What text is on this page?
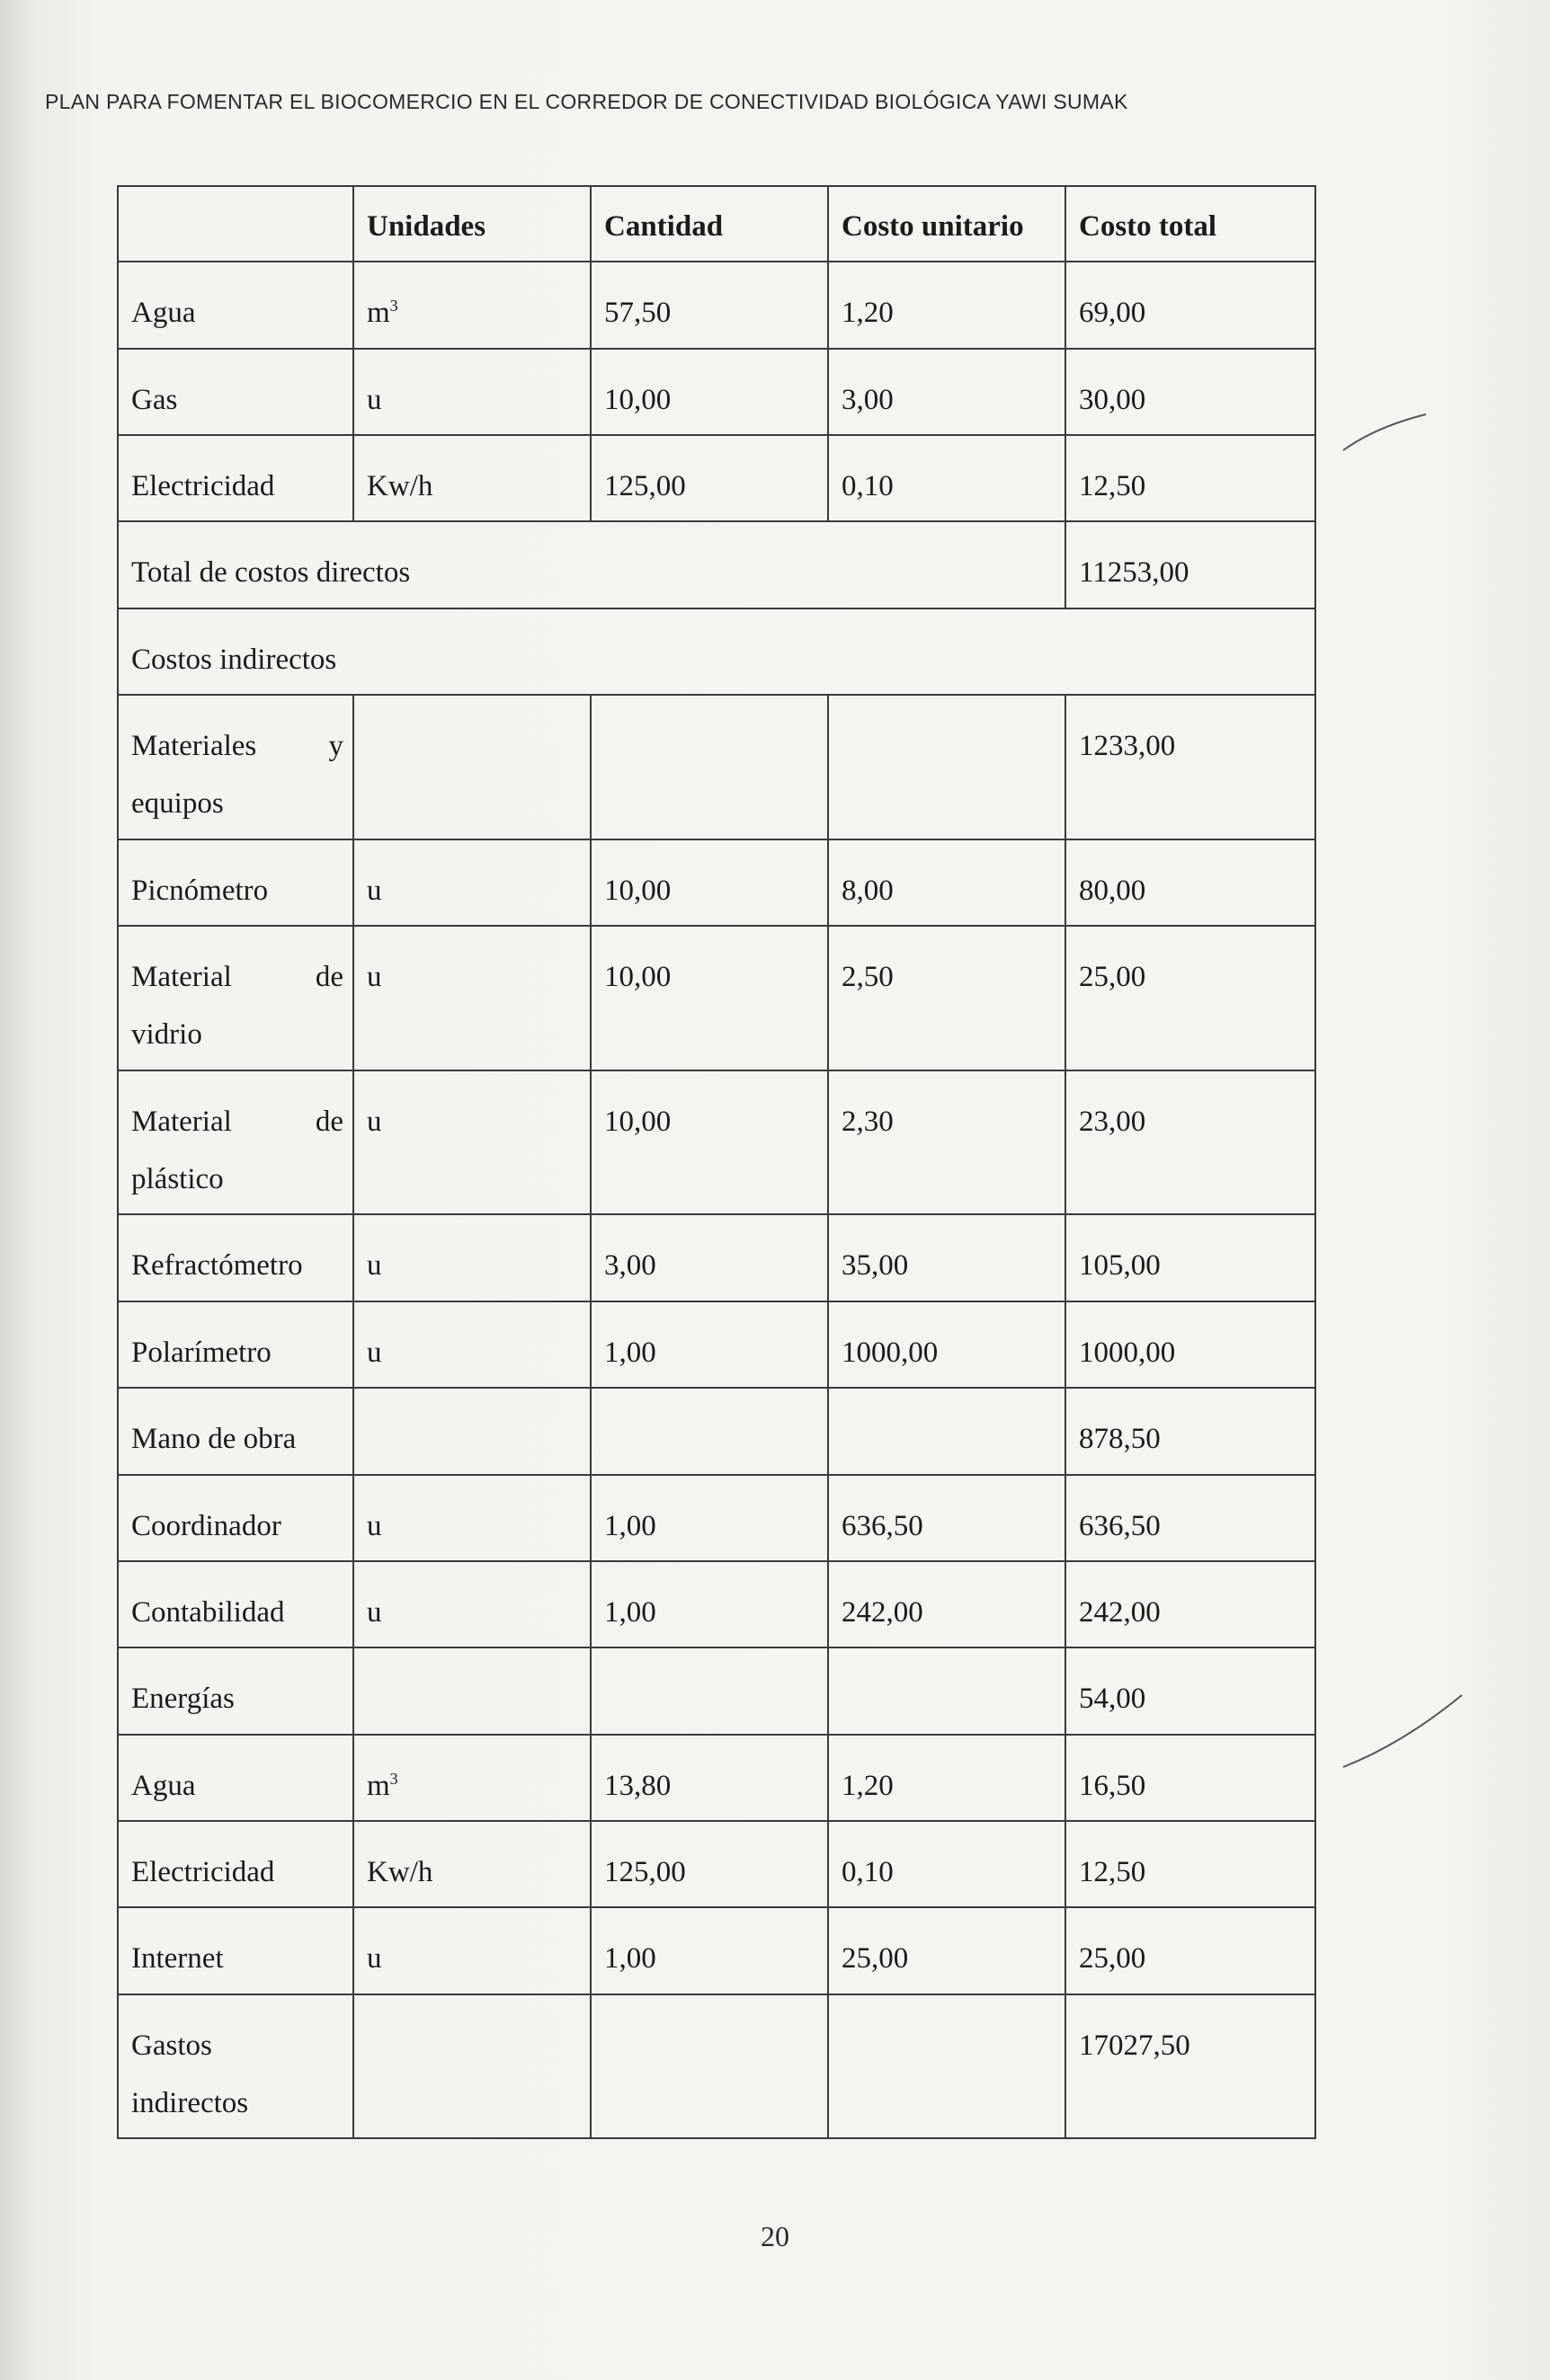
PLAN PARA FOMENTAR EL BIOCOMERCIO EN EL CORREDOR DE CONECTIVIDAD BIOLÓGICA YAWI SUMAK
	Unidades	Cantidad	Costo unitario	Costo total
Agua	$m^3$	57,50	1,20	69,00
Gas	u	10,00	3,00	30,00
Electricidad	Kw/h	125,00	0,10	12,50
Total de costos directos				11253,00
Costos indirectos				

Materiales y
equipos				1233,00
Picnómetro	u	10,00	8,00	80,00

Material de
vidrio	u	10,00	2,50	25,00

Material de
plástico	u	10,00	2,30	23,00
Refractómetro	u	3,00	35,00	105,00
Polarímetro	u	1,00	1000,00	1000,00
Mano de obra				878,50
Coordinador	u	1,00	636,50	636,50
Contabilidad	u	1,00	242,00	242,00
Energías				54,00
Agua	$m^3$	13,80	1,20	16,50
Electricidad	Kw/h	125,00	0,10	12,50
Internet	u	1,00	25,00	25,00

Gastos
indirectos				17027,50
20
